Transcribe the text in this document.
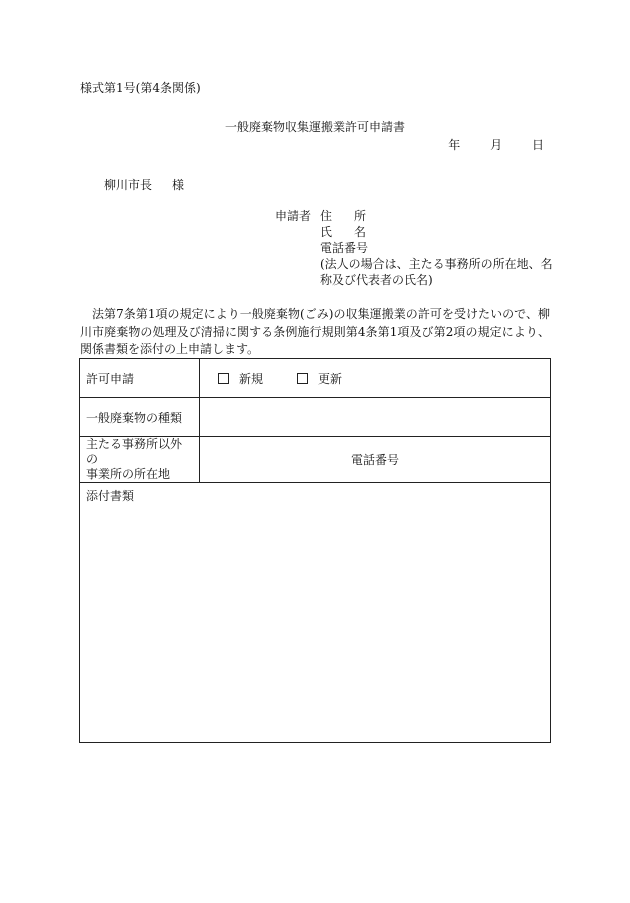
様式第1号(第4条関係)
一般廃棄物収集運搬業許可申請書
年 月 日
柳川市長 様
申請者 住 所
氏 名
電話番号
(法人の場合は、主たる事務所の所在地、名
称及び代表者の氏名)
法第7条第1項の規定により一般廃棄物(ごみ)の収集運搬業の許可を受けたいので、柳川市廃棄物の処理及び清掃に関する条例施行規則第4条第1項及び第2項の規定により、関係書類を添付の上申請します。
許可申請	新規 更新
一般廃棄物の種類	

主たる事務所以外の
事業所の所在地	電話番号
添付書類	
